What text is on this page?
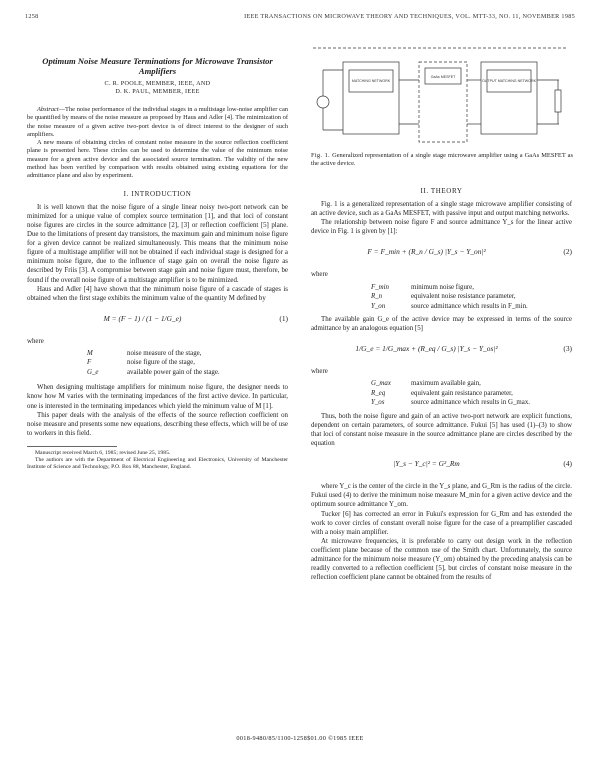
1258	IEEE TRANSACTIONS ON MICROWAVE THEORY AND TECHNIQUES, VOL. MTT-33, NO. 11, NOVEMBER 1985
Optimum Noise Measure Terminations for Microwave Transistor Amplifiers
C. R. POOLE, MEMBER, IEEE, AND
D. K. PAUL, MEMBER, IEEE
Abstract—The noise performance of the individual stages in a multistage low-noise amplifier can be quantified by means of the noise measure as proposed by Haus and Adler [4]. The minimization of the noise measure of a given active two-port device is of direct interest to the designer of such amplifiers.
A new means of obtaining circles of constant noise measure in the source reflection coefficient plane is presented here. These circles can be used to determine the value of the minimum noise measure for a given active device and the associated source termination. The validity of the new method has been verified by comparison with results obtained using existing equations for the admittance plane and also by experiment.
I. INTRODUCTION

It is well known that the noise figure of a single linear noisy two-port network can be minimized for a unique value of complex source termination [1], and that loci of constant noise figures are circles in the source admittance [2], [3] or reflection coefficient [5] plane. Due to the limitations of present day transistors, the maximum gain and minimum noise figure for a given device cannot be realized simultaneously. This means that the minimum noise figure of a multistage amplifier will not be obtained if each individual stage is designed for a minimum noise figure, due to the influence of stage gain on overall the noise figure as described by Friis [3]. A compromise between stage gain and noise figure must, therefore, be found if the overall noise figure of a multistage amplifier is to be minimized.

Haus and Adler [4] have shown that the minimum noise figure of a cascade of stages is obtained when the first stage exhibits the minimum value of the quantity M defined by

M = (F − 1) / (1 − 1/G_e)	(1)
where
M	noise measure of the stage,
F	noise figure of the stage,
G_e	available power gain of the stage.

When designing multistage amplifiers for minimum noise figure, the designer needs to know how M varies with the terminating impedances of the first active device. In particular, one is interested in the terminating impedances which yield the minimum value of M [1].

This paper deals with the analysis of the effects of the source reflection coefficient on noise measure and presents some new equations, describing these effects, which will be of use to workers in this field.

Manuscript received March 6, 1985; revised June 25, 1985.
The authors are with the Department of Electrical Engineering and Electronics, University of Manchester Institute of Science and Technology, P.O. Box 88, Manchester, England.
MATCHING NETWORK
GaAs MESFET
OUTPUT MATCHING NETWORK
Fig. 1. Generalized representation of a single stage microwave amplifier using a GaAs MESFET as the active device.
II. THEORY

Fig. 1 is a generalized representation of a single stage microwave amplifier consisting of an active device, such as a GaAs MESFET, with passive input and output matching networks.

The relationship between noise figure F and source admittance Y_s for the linear active device in Fig. 1 is given by [1]:

F = F_min + (R_n / G_s) |Y_s − Y_on|²	(2)
where
F_min	minimum noise figure,
R_n	equivalent noise resistance parameter,
Y_on	source admittance which results in F_min.

The available gain G_e of the active device may be expressed in terms of the source admittance by an analogous equation [5]

1/G_e = 1/G_max + (R_eq / G_s) |Y_s − Y_os|²	(3)
where
G_max	maximum available gain,
R_eq	equivalent gain resistance parameter,
Y_os	source admittance which results in G_max.

Thus, both the noise figure and gain of an active two-port network are explicit functions, dependent on certain parameters, of source admittance. Fukui [5] has used (1)–(3) to show that loci of constant noise measure in the source admittance plane are circles described by the equation

|Y_s − Y_c|² = G²_Rm	(4)

where Y_c is the center of the circle in the Y_s plane, and G_Rm is the radius of the circle. Fukui used (4) to derive the minimum noise measure M_min for a given active device and the optimum source admittance Y_om.

Tucker [6] has corrected an error in Fukui's expression for G_Rm and has extended the work to cover circles of constant overall noise figure for the case of a preamplifier cascaded with a noisy main amplifier.

At microwave frequencies, it is preferable to carry out design work in the reflection coefficient plane because of the common use of the Smith chart. Unfortunately, the source admittance for the minimum noise measure (Y_om) obtained by the preceding analysis can be readily converted to a reflection coefficient [5], but circles of constant noise measure in the reflection coefficient plane cannot be obtained from the results of

0018-9480/85/1100-1258$01.00 ©1985 IEEE
